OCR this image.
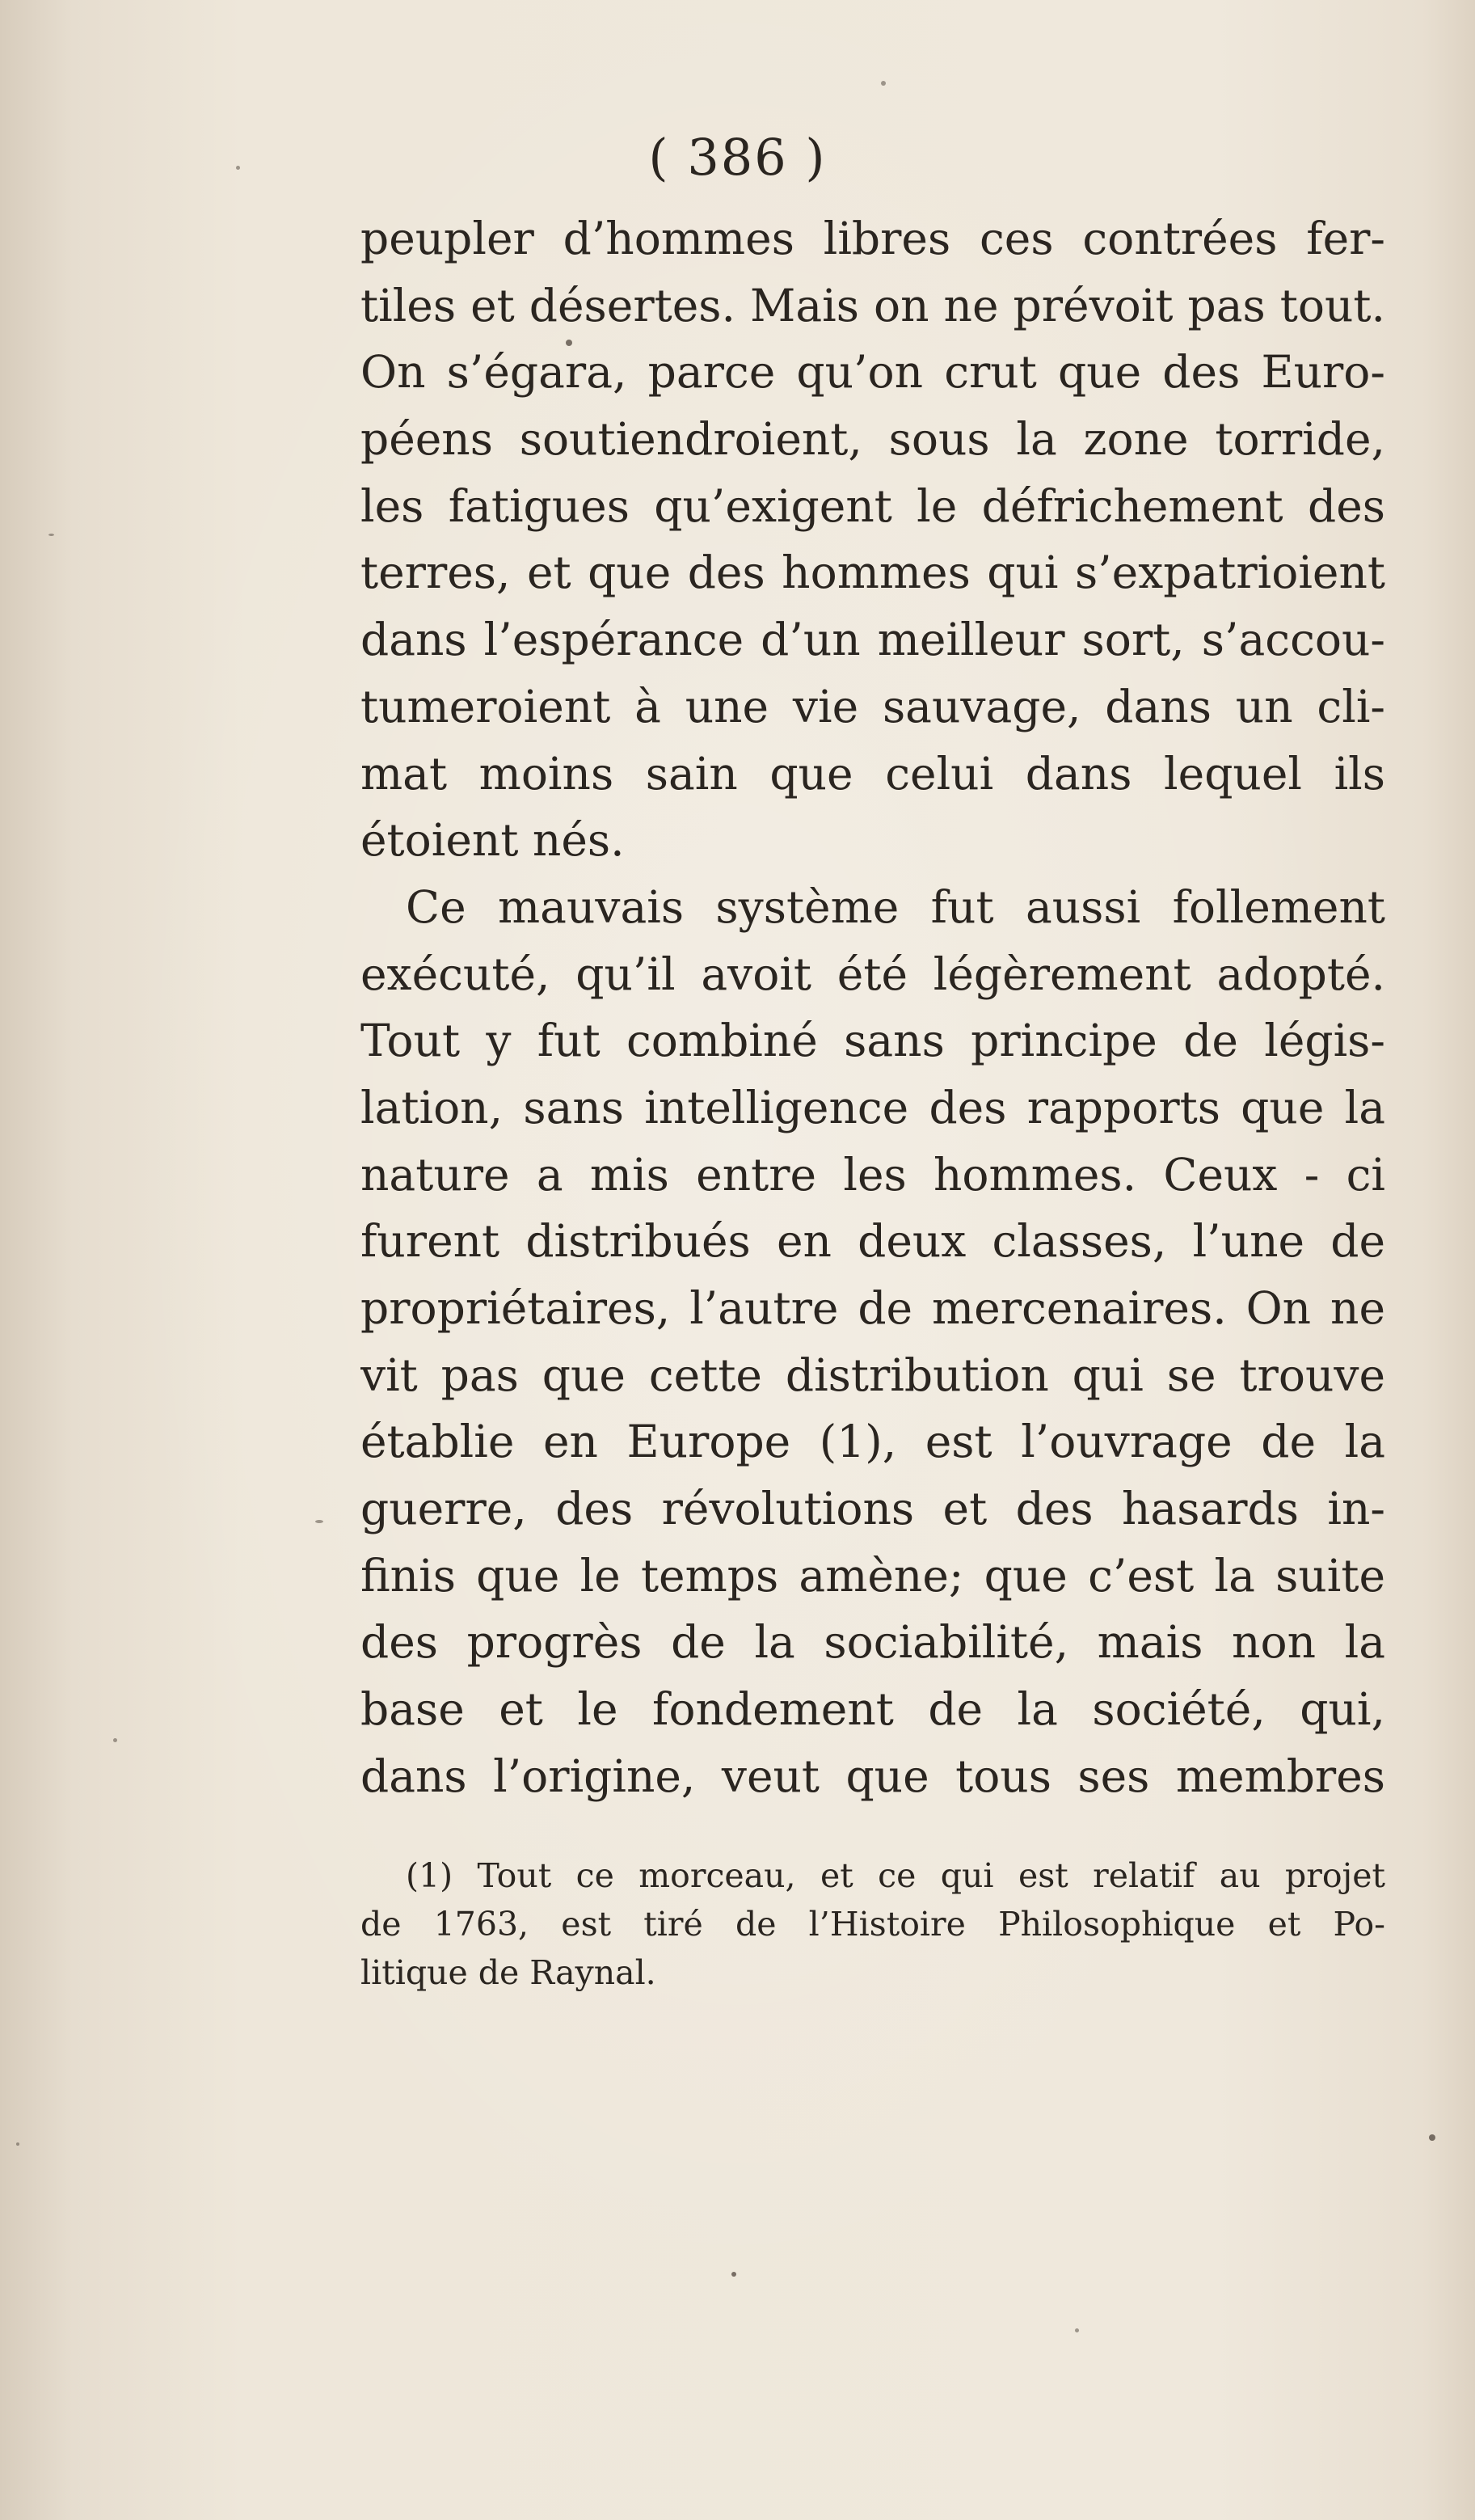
( 386 )
peupler d’hommes libres ces contrées fer-
tiles et désertes. Mais on ne prévoit pas tout.
On s’égara, parce qu’on crut que des Euro-
péens soutiendroient, sous la zone torride,
les fatigues qu’exigent le défrichement des
terres, et que des hommes qui s’expatrioient
dans l’espérance d’un meilleur sort, s’accou-
tumeroient à une vie sauvage, dans un cli-
mat moins sain que celui dans lequel ils
étoient nés.
Ce mauvais système fut aussi follement
exécuté, qu’il avoit été légèrement adopté.
Tout y fut combiné sans principe de légis-
lation, sans intelligence des rapports que la
nature a mis entre les hommes. Ceux - ci
furent distribués en deux classes, l’une de
propriétaires, l’autre de mercenaires. On ne
vit pas que cette distribution qui se trouve
établie en Europe (1), est l’ouvrage de la
guerre, des révolutions et des hasards in-
finis que le temps amène; que c’est la suite
des progrès de la sociabilité, mais non la
base et le fondement de la société, qui,
dans l’origine, veut que tous ses membres
(1) Tout ce morceau, et ce qui est relatif au projet
de 1763, est tiré de l’Histoire Philosophique et Po-
litique de Raynal.
